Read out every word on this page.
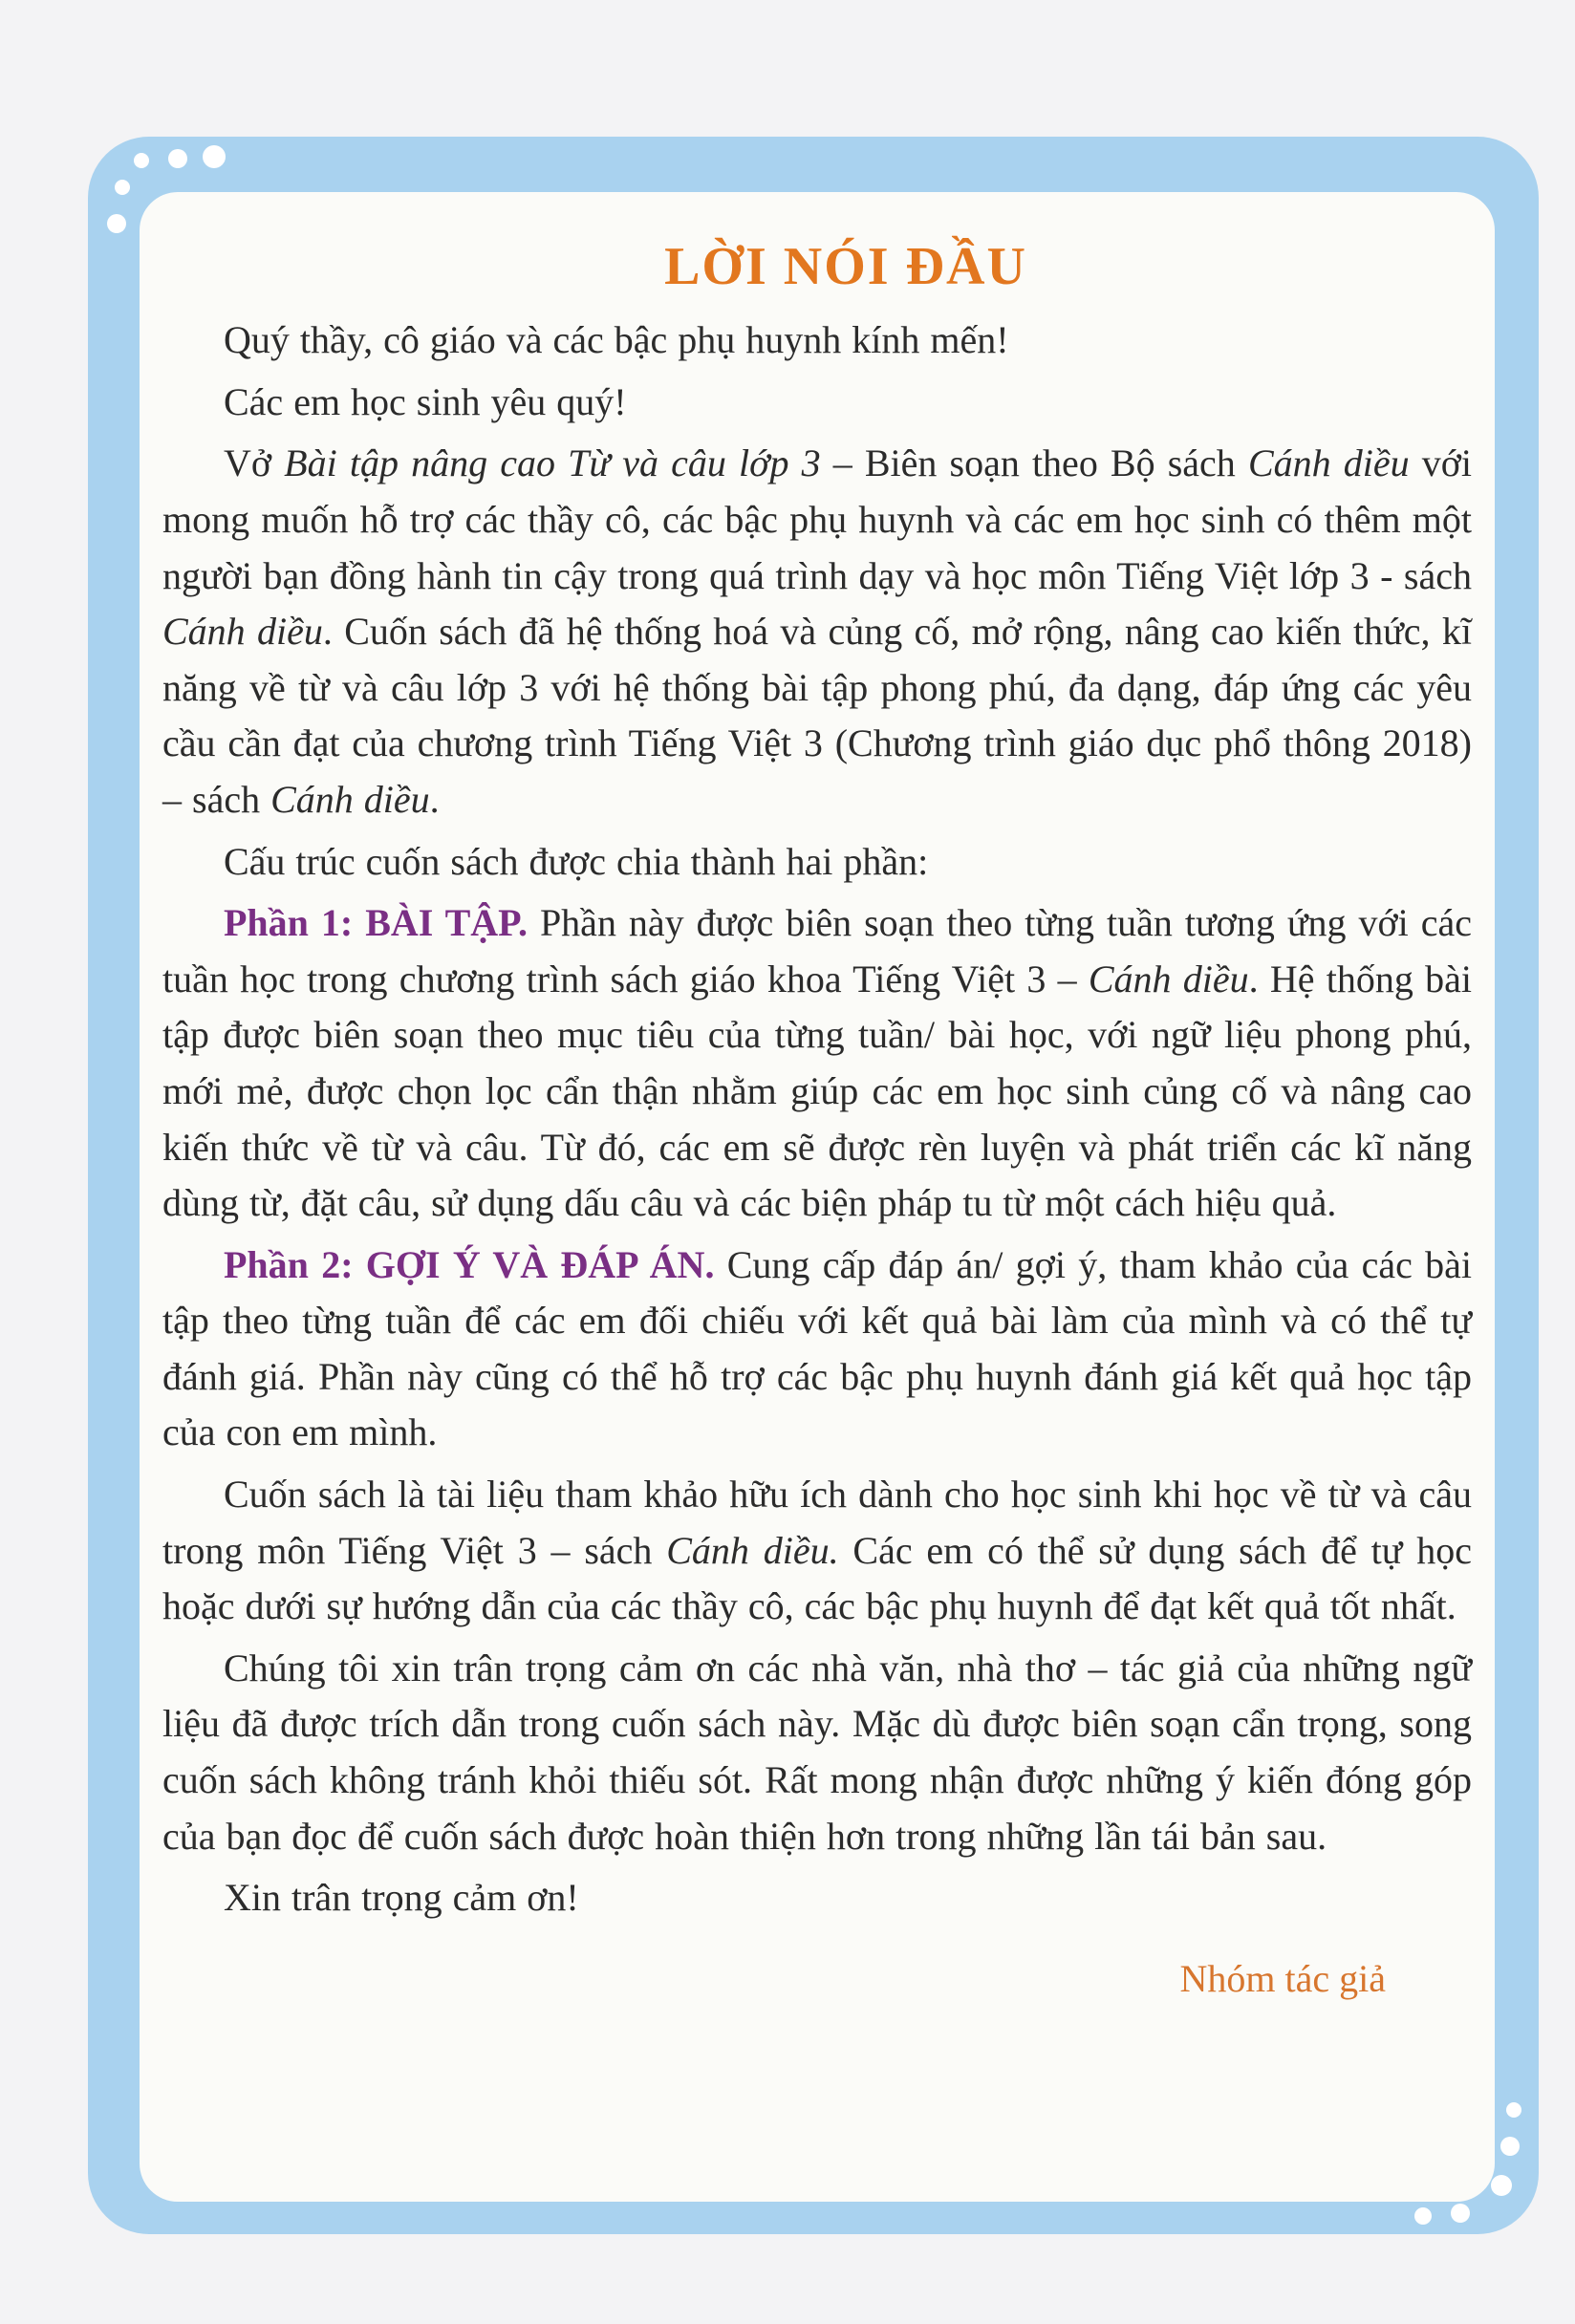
LỜI NÓI ĐẦU

Quý thầy, cô giáo và các bậc phụ huynh kính mến!

Các em học sinh yêu quý!

Vở Bài tập nâng cao Từ và câu lớp 3 – Biên soạn theo Bộ sách Cánh diều với mong muốn hỗ trợ các thầy cô, các bậc phụ huynh và các em học sinh có thêm một người bạn đồng hành tin cậy trong quá trình dạy và học môn Tiếng Việt lớp 3 - sách Cánh diều. Cuốn sách đã hệ thống hoá và củng cố, mở rộng, nâng cao kiến thức, kĩ năng về từ và câu lớp 3 với hệ thống bài tập phong phú, đa dạng, đáp ứng các yêu cầu cần đạt của chương trình Tiếng Việt 3 (Chương trình giáo dục phổ thông 2018) – sách Cánh diều.

Cấu trúc cuốn sách được chia thành hai phần:

Phần 1: BÀI TẬP. Phần này được biên soạn theo từng tuần tương ứng với các tuần học trong chương trình sách giáo khoa Tiếng Việt 3 – Cánh diều. Hệ thống bài tập được biên soạn theo mục tiêu của từng tuần/ bài học, với ngữ liệu phong phú, mới mẻ, được chọn lọc cẩn thận nhằm giúp các em học sinh củng cố và nâng cao kiến thức về từ và câu. Từ đó, các em sẽ được rèn luyện và phát triển các kĩ năng dùng từ, đặt câu, sử dụng dấu câu và các biện pháp tu từ một cách hiệu quả.

Phần 2: GỢI Ý VÀ ĐÁP ÁN. Cung cấp đáp án/ gợi ý, tham khảo của các bài tập theo từng tuần để các em đối chiếu với kết quả bài làm của mình và có thể tự đánh giá. Phần này cũng có thể hỗ trợ các bậc phụ huynh đánh giá kết quả học tập của con em mình.

Cuốn sách là tài liệu tham khảo hữu ích dành cho học sinh khi học về từ và câu trong môn Tiếng Việt 3 – sách Cánh diều. Các em có thể sử dụng sách để tự học hoặc dưới sự hướng dẫn của các thầy cô, các bậc phụ huynh để đạt kết quả tốt nhất.

Chúng tôi xin trân trọng cảm ơn các nhà văn, nhà thơ – tác giả của những ngữ liệu đã được trích dẫn trong cuốn sách này. Mặc dù được biên soạn cẩn trọng, song cuốn sách không tránh khỏi thiếu sót. Rất mong nhận được những ý kiến đóng góp của bạn đọc để cuốn sách được hoàn thiện hơn trong những lần tái bản sau.

Xin trân trọng cảm ơn!

Nhóm tác giả
